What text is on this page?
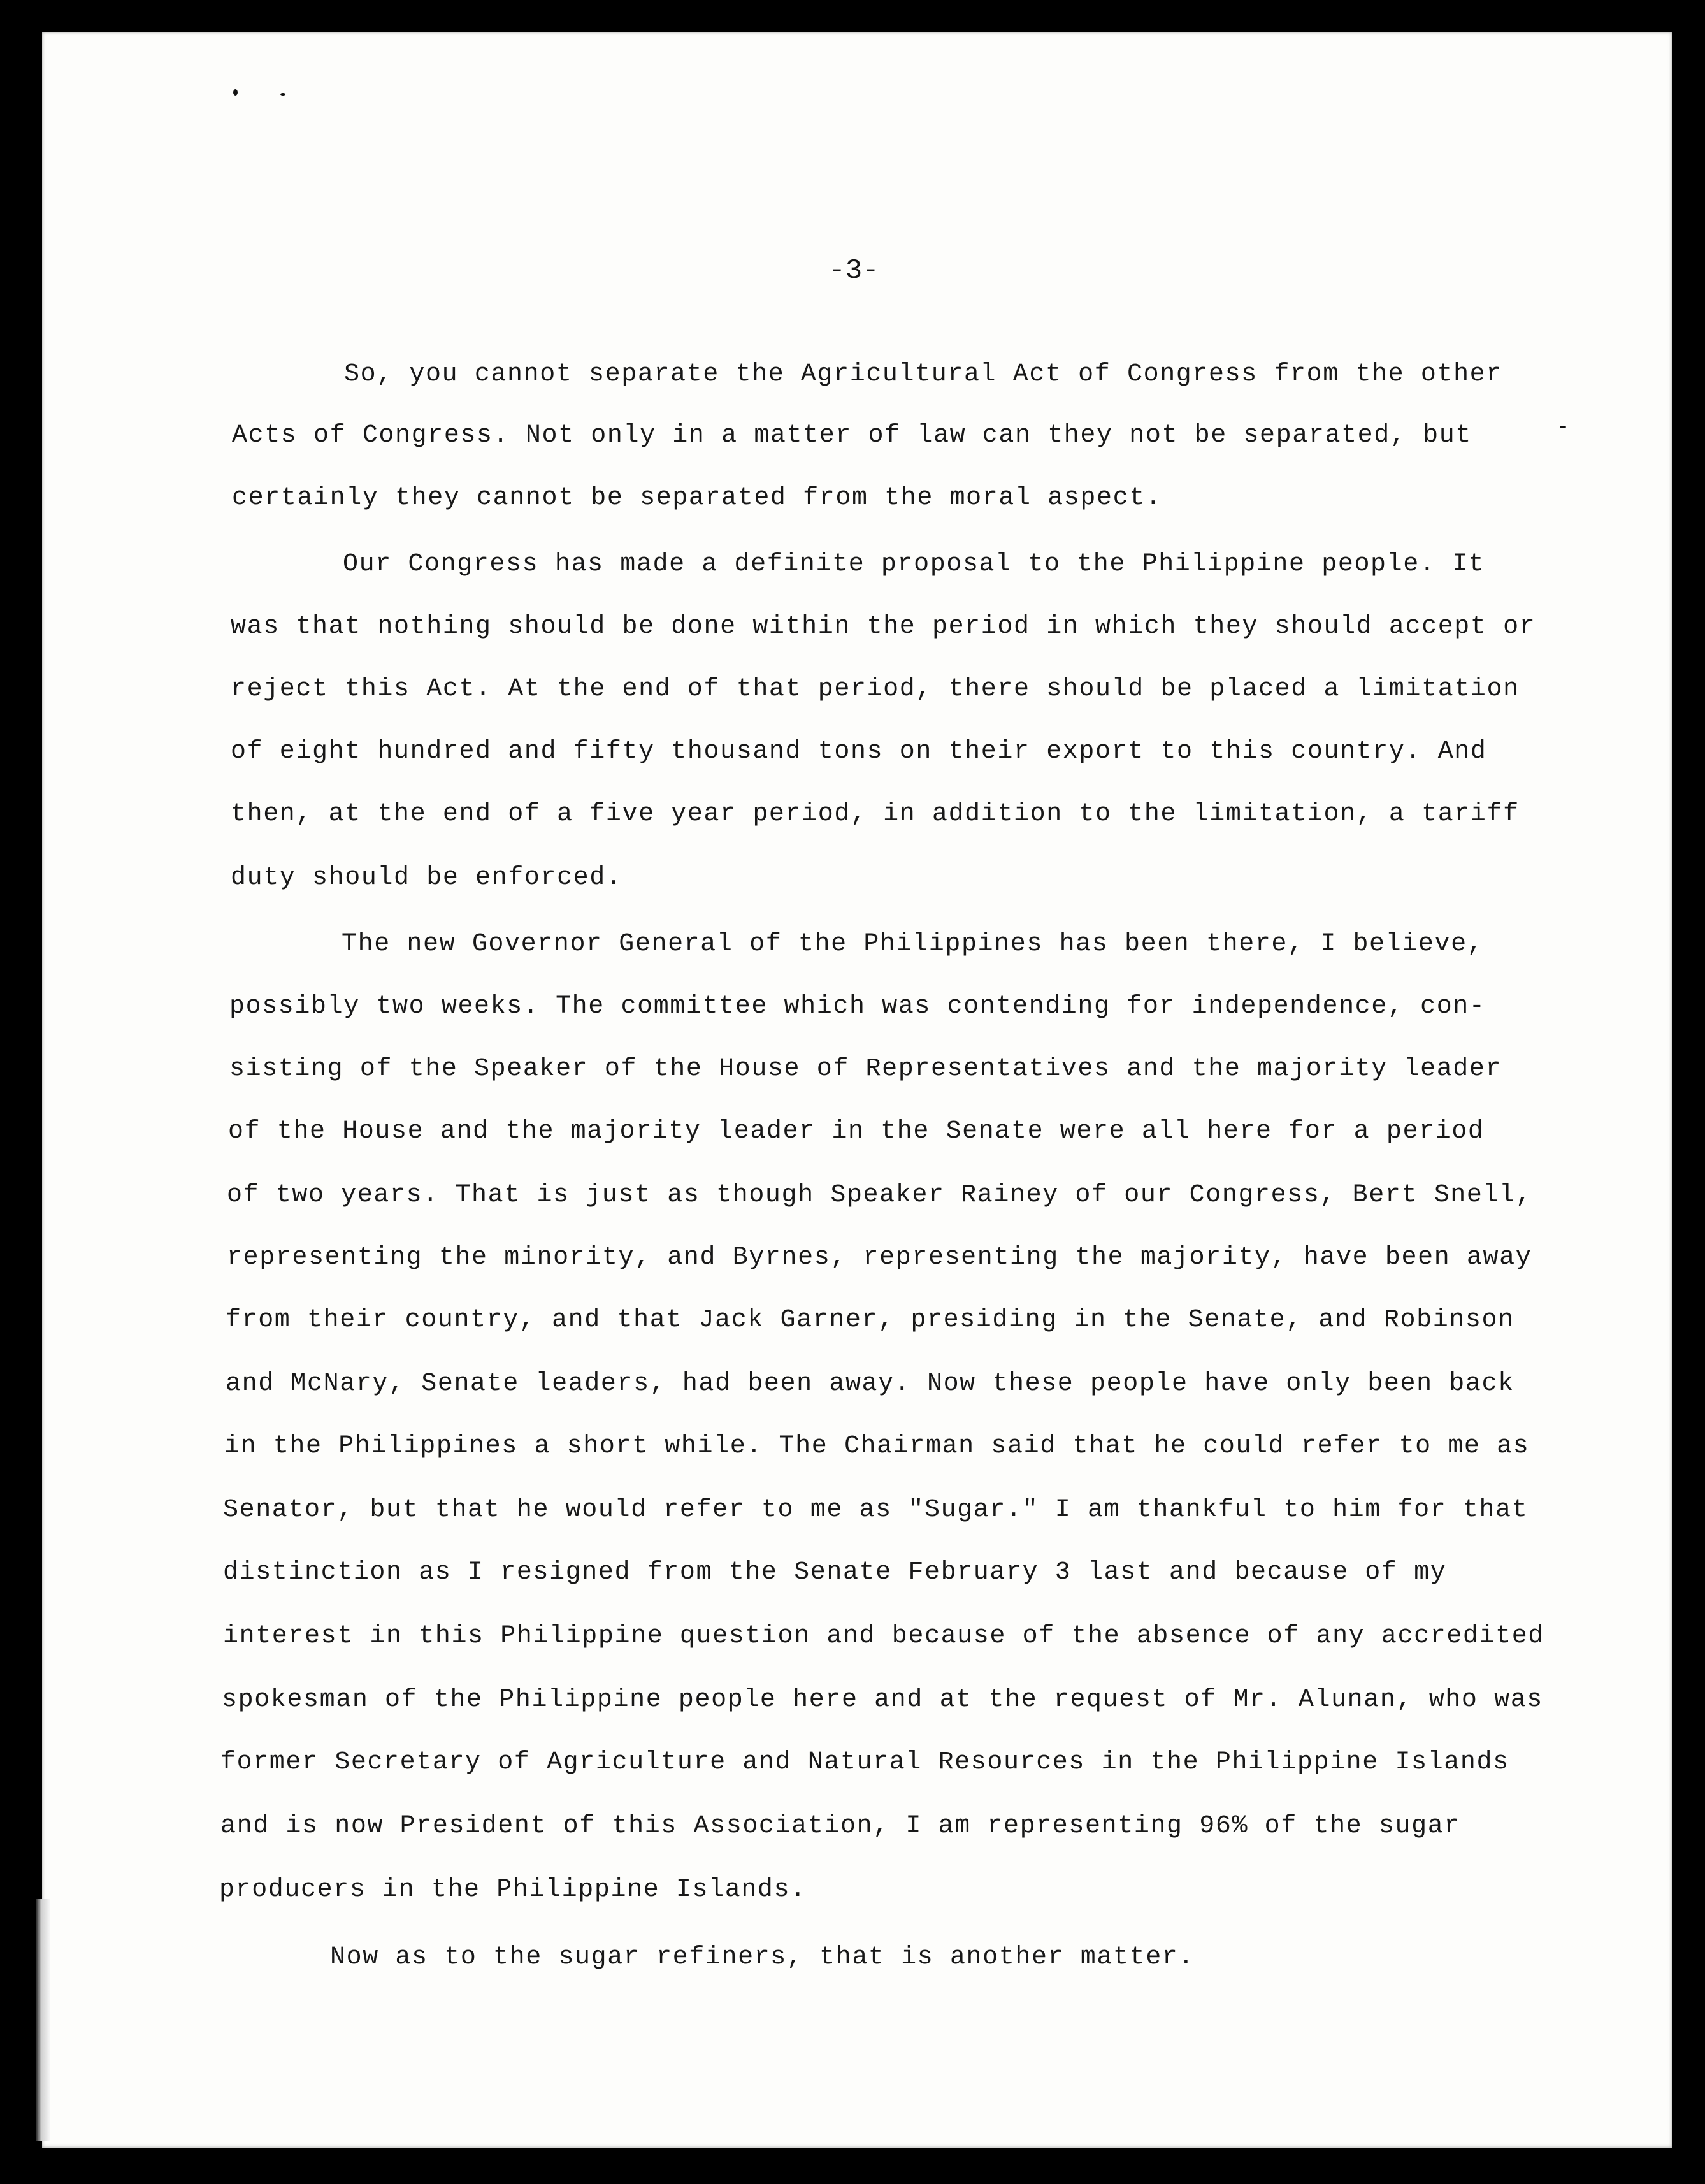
-3-
So, you cannot separate the Agricultural Act of Congress from the other
Acts of Congress. Not only in a matter of law can they not be separated, but
certainly they cannot be separated from the moral aspect.
Our Congress has made a definite proposal to the Philippine people. It
was that nothing should be done within the period in which they should accept or
reject this Act. At the end of that period, there should be placed a limitation
of eight hundred and fifty thousand tons on their export to this country. And
then, at the end of a five year period, in addition to the limitation, a tariff
duty should be enforced.
The new Governor General of the Philippines has been there, I believe,
possibly two weeks. The committee which was contending for independence, con-
sisting of the Speaker of the House of Representatives and the majority leader
of the House and the majority leader in the Senate were all here for a period
of two years. That is just as though Speaker Rainey of our Congress, Bert Snell,
representing the minority, and Byrnes, representing the majority, have been away
from their country, and that Jack Garner, presiding in the Senate, and Robinson
and McNary, Senate leaders, had been away. Now these people have only been back
in the Philippines a short while. The Chairman said that he could refer to me as
Senator, but that he would refer to me as "Sugar." I am thankful to him for that
distinction as I resigned from the Senate February 3 last and because of my
interest in this Philippine question and because of the absence of any accredited
spokesman of the Philippine people here and at the request of Mr. Alunan, who was
former Secretary of Agriculture and Natural Resources in the Philippine Islands
and is now President of this Association, I am representing 96% of the sugar
producers in the Philippine Islands.
Now as to the sugar refiners, that is another matter.
